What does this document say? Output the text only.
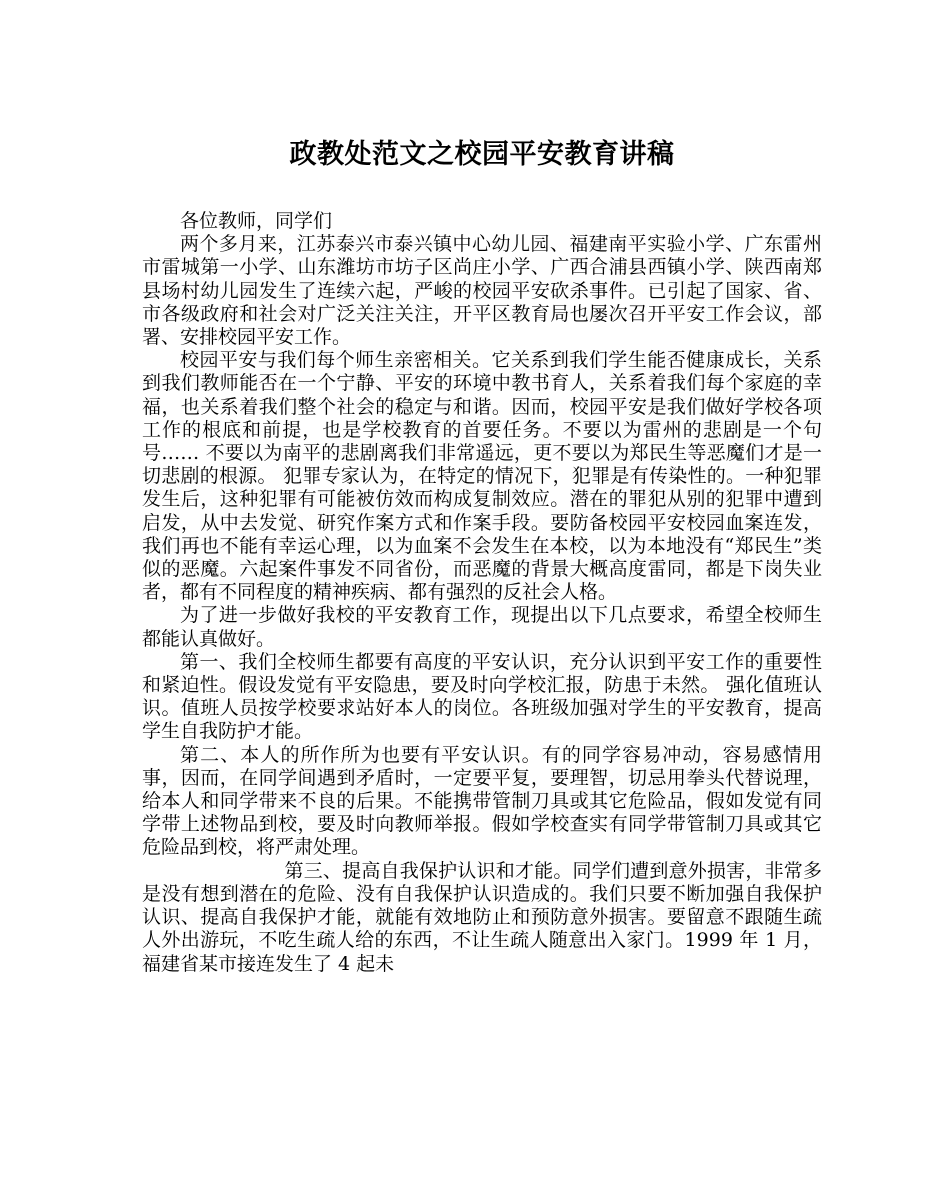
政教处范文之校园平安教育讲稿

各位教师，同学们

两个多月来，江苏泰兴市泰兴镇中心幼儿园、福建南平实验小学、广东雷州市雷城第一小学、山东潍坊市坊子区尚庄小学、广西合浦县西镇小学、陕西南郑县场村幼儿园发生了连续六起，严峻的校园平安砍杀事件。已引起了国家、省、市各级政府和社会对广泛关注关注，开平区教育局也屡次召开平安工作会议，部署、安排校园平安工作。

校园平安与我们每个师生亲密相关。它关系到我们学生能否健康成长，关系到我们教师能否在一个宁静、平安的环境中教书育人，关系着我们每个家庭的幸福，也关系着我们整个社会的稳定与和谐。因而，校园平安是我们做好学校各项工作的根底和前提，也是学校教育的首要任务。不要以为雷州的悲剧是一个句号…… 不要以为南平的悲剧离我们非常遥远，更不要以为郑民生等恶魔们才是一切悲剧的根源。 犯罪专家认为，在特定的情况下，犯罪是有传染性的。一种犯罪发生后，这种犯罪有可能被仿效而构成复制效应。潜在的罪犯从别的犯罪中遭到启发，从中去发觉、研究作案方式和作案手段。要防备校园平安校园血案连发，我们再也不能有幸运心理，以为血案不会发生在本校，以为本地没有“郑民生”类似的恶魔。六起案件事发不同省份，而恶魔的背景大概高度雷同，都是下岗失业者，都有不同程度的精神疾病、都有强烈的反社会人格。

为了进一步做好我校的平安教育工作，现提出以下几点要求，希望全校师生都能认真做好。

第一、我们全校师生都要有高度的平安认识，充分认识到平安工作的重要性和紧迫性。假设发觉有平安隐患，要及时向学校汇报，防患于未然。 强化值班认识。值班人员按学校要求站好本人的岗位。各班级加强对学生的平安教育，提高学生自我防护才能。

第二、本人的所作所为也要有平安认识。有的同学容易冲动，容易感情用事，因而，在同学间遇到矛盾时，一定要平复，要理智，切忌用拳头代替说理，给本人和同学带来不良的后果。不能携带管制刀具或其它危险品，假如发觉有同学带上述物品到校，要及时向教师举报。假如学校查实有同学带管制刀具或其它危险品到校，将严肃处理。

第三、提高自我保护认识和才能。同学们遭到意外损害，非常多是没有想到潜在的危险、没有自我保护认识造成的。我们只要不断加强自我保护认识、提高自我保护才能，就能有效地防止和预防意外损害。要留意不跟随生疏人外出游玩，不吃生疏人给的东西，不让生疏人随意出入家门。1999 年 1 月，福建省某市接连发生了 4 起未
